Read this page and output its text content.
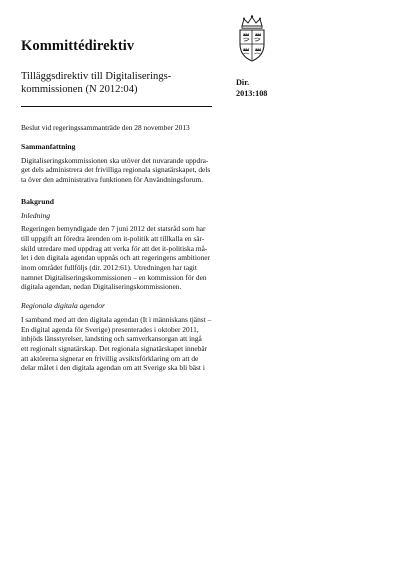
Kommittédirektiv
Tilläggsdirektiv till Digitaliserings-
kommissionen (N 2012:04)
Dir.
2013:108
Beslut vid regeringssammanträde den 28 november 2013
Sammanfattning

Digitaliseringskommissionen ska utöver det nuvarande uppdra-
get dels administrera det frivilliga regionala signatärskapet, dels
ta över den administrativa funktionen för Användningsforum.

Bakgrund
Inledning

Regeringen bemyndigade den 7 juni 2012 det statsråd som har
till uppgift att föredra ärenden om it-politik att tillkalla en sär-
skild utredare med uppdrag att verka för att det it-politiska må-
let i den digitala agendan uppnås och att regeringens ambitioner
inom området fullföljs (dir. 2012:61). Utredningen har tagit
namnet Digitaliseringskommissionen – en kommission för den
digitala agendan, nedan Digitaliseringskommissionen.

Regionala digitala agendor

I samband med att den digitala agendan (It i människans tjänst –
En digital agenda för Sverige) presenterades i oktober 2011,
inbjöds länsstyrelser, landsting och samverkansorgan att ingå
ett regionalt signatärskap. Det regionala signatärskapet innebär
att aktörerna signerar en frivillig avsiktsförklaring om att de
delar målet i den digitala agendan om att Sverige ska bli bäst i
